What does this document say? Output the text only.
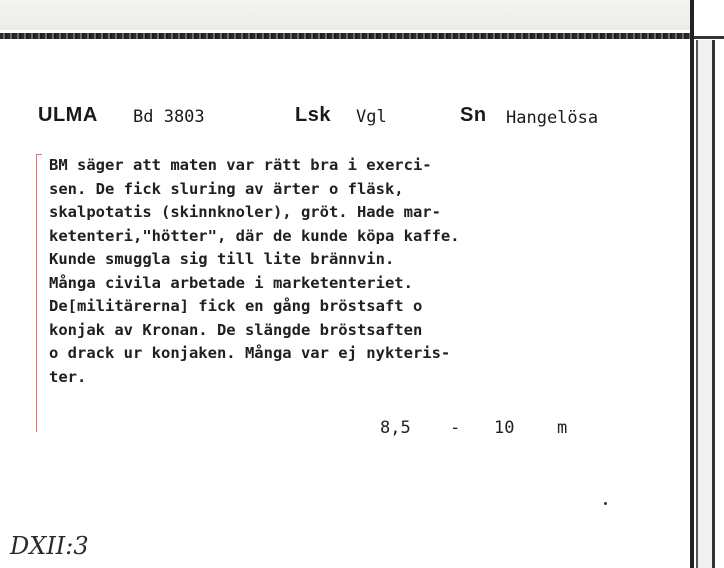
ULMA Bd 3803	Lsk Vgl	Sn Hangelösa
BM säger att maten var rätt bra i exerci-
sen. De fick sluring av ärter o fläsk,
skalpotatis (skinnknoler), gröt. Hade mar-
ketenteri,"hötter", där de kunde köpa kaffe.
Kunde smuggla sig till lite brännvin.
Många civila arbetade i marketenteriet.
De[militärerna] fick en gång bröstsaft o
konjak av Kronan. De slängde bröstsaften
o drack ur konjaken. Många var ej nykteris-
ter.
8,5 - 10	m
DXII:3
